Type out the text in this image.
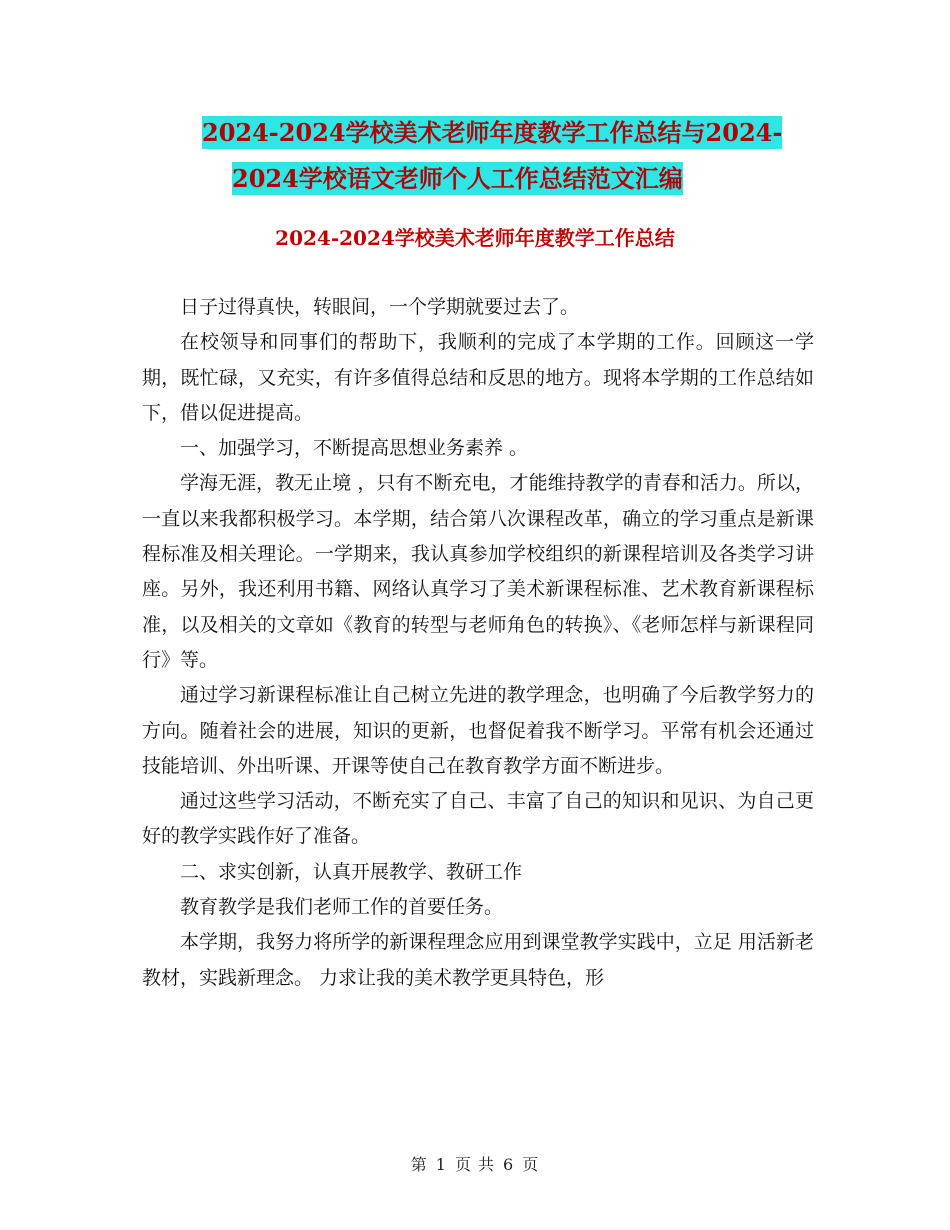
2024-2024学校美术老师年度教学工作总结与2024-
2024学校语文老师个人工作总结范文汇编
2024-2024学校美术老师年度教学工作总结

日子过得真快，转眼间，一个学期就要过去了。

在校领导和同事们的帮助下，我顺利的完成了本学期的工作。回顾这一学期，既忙碌，又充实，有许多值得总结和反思的地方。现将本学期的工作总结如下，借以促进提高。

一、加强学习，不断提高思想业务素养 。

学海无涯，教无止境 ，只有不断充电，才能维持教学的青春和活力。所以，一直以来我都积极学习。本学期，结合第八次课程改革，确立的学习重点是新课程标准及相关理论。一学期来，我认真参加学校组织的新课程培训及各类学习讲座。另外，我还利用书籍、网络认真学习了美术新课程标准、艺术教育新课程标准，以及相关的文章如《教育的转型与老师角色的转换》、《老师怎样与新课程同行》等。

通过学习新课程标准让自己树立先进的教学理念，也明确了今后教学努力的方向。随着社会的进展，知识的更新，也督促着我不断学习。平常有机会还通过技能培训、外出听课、开课等使自己在教育教学方面不断进步。

通过这些学习活动，不断充实了自己、丰富了自己的知识和见识、为自己更好的教学实践作好了准备。

二、求实创新，认真开展教学、教研工作

教育教学是我们老师工作的首要任务。

本学期，我努力将所学的新课程理念应用到课堂教学实践中，立足 用活新老教材，实践新理念。 力求让我的美术教学更具特色，形

第 1 页 共 6 页
